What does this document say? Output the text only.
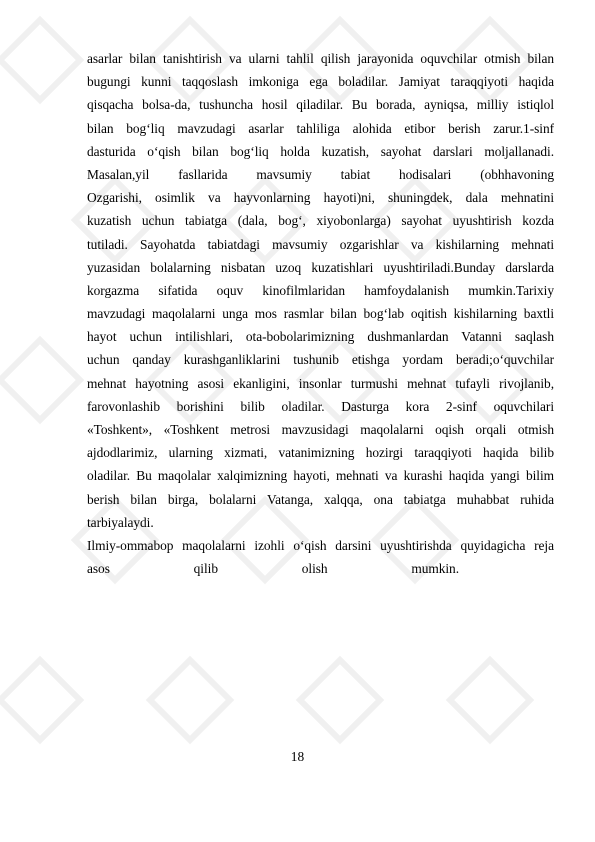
asarlar bilan tanishtirish va ularni tahlil qilish jarayonida oquvchilar otmish bilan
bugungi kunni taqqoslash imkoniga ega boladilar. Jamiyat taraqqiyoti haqida
qisqacha bolsa-da, tushuncha hosil qiladilar. Bu borada, ayniqsa, milliy istiqlol
bilan bog‘liq mavzudagi asarlar tahliliga alohida etibor berish zarur.1-sinf
dasturida o‘qish bilan bog‘liq holda kuzatish, sayohat darslari moljallanadi.
Masalan,yil fasllarida mavsumiy tabiat hodisalari (obhhavoning
Ozgarishi, osimlik va hayvonlarning hayoti)ni, shuningdek, dala mehnatini
kuzatish uchun tabiatga (dala, bog‘, xiyobonlarga) sayohat uyushtirish kozda
tutiladi. Sayohatda tabiatdagi mavsumiy ozgarishlar va kishilarning mehnati
yuzasidan bolalarning nisbatan uzoq kuzatishlari uyushtiriladi.Bunday darslarda
korgazma sifatida oquv kinofilmlaridan hamfoydalanish mumkin.Tarixiy
mavzudagi maqolalarni unga mos rasmlar bilan bog‘lab oqitish kishilarning baxtli
hayot uchun intilishlari, ota-bobolarimizning dushmanlardan Vatanni saqlash
uchun qanday kurashganliklarini tushunib etishga yordam beradi;o‘quvchilar
mehnat hayotning asosi ekanligini, insonlar turmushi mehnat tufayli rivojlanib,
farovonlashib borishini bilib oladilar. Dasturga kora 2-sinf oquvchilari
«Toshkent», «Toshkent metrosi mavzusidagi maqolalarni oqish orqali otmish
ajdodlarimiz, ularning xizmati, vatanimizning hozirgi taraqqiyoti haqida bilib
oladilar. Bu maqolalar xalqimizning hayoti, mehnati va kurashi haqida yangi bilim
berish bilan birga, bolalarni Vatanga, xalqqa, ona tabiatga muhabbat ruhida
tarbiyalaydi.
Ilmiy-ommabop maqolalarni izohli o‘qish darsini uyushtirishda quyidagicha reja
asos qilib olish mumkin.
18
